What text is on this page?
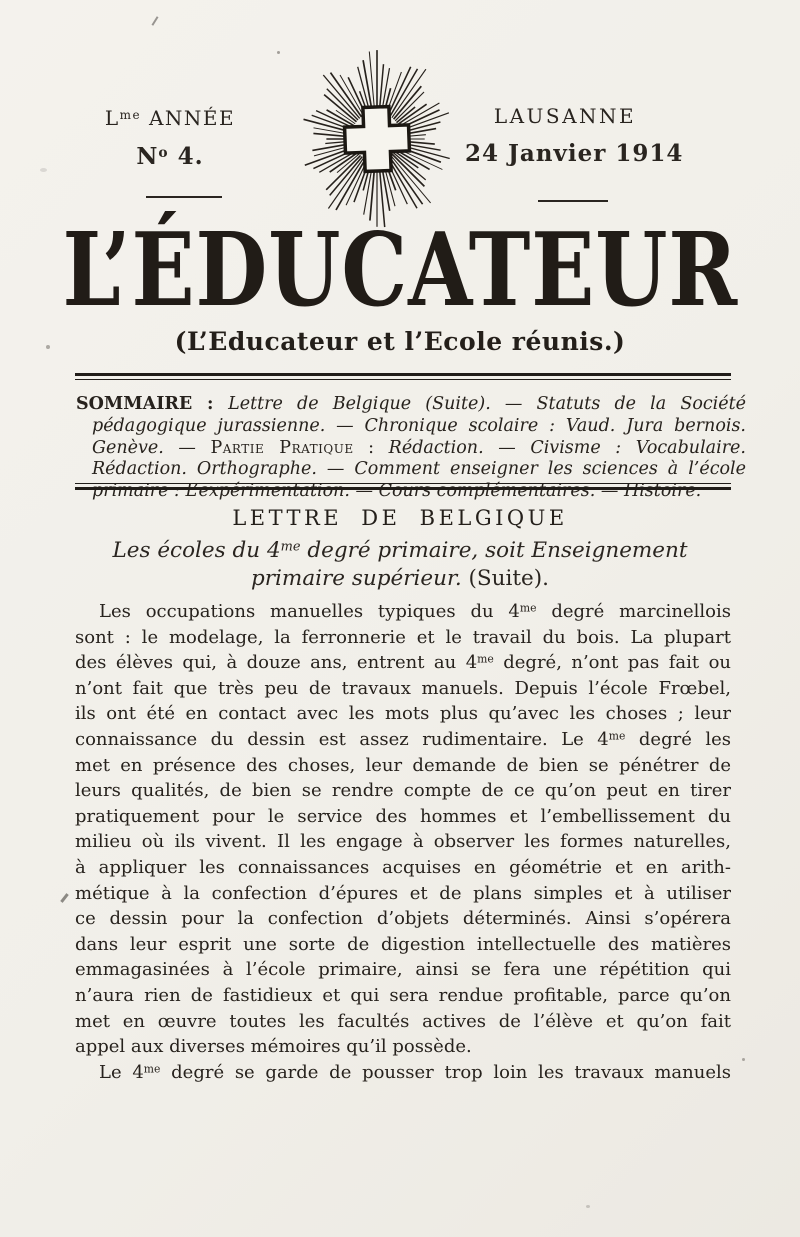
$L^{me}$ ANNÉE
$N^o$ 4.
LAUSANNE
24 Janvier 1914
L’ÉDUCATEUR
(L’Educateur et l’Ecole réunis.)
SOMMAIRE : Lettre de Belgique (Suite). — Statuts de la Société pédagogique jurassienne. — Chronique scolaire : Vaud. Jura bernois. Genève. — Partie Pratique : Rédaction. — Civisme : Vocabulaire. Rédaction. Orthographe. — Comment enseigner les sciences à l’école primaire : L’expérimentation. — Cours complémentaires. — Histoire.
LETTRE DE BELGIQUE
Les écoles du $4^{me}$ degré primaire, soit Enseignement
primaire supérieur. (Suite).
Les occupations manuelles typiques du $4^{me}$ degré marcinellois
sont : le modelage, la ferronnerie et le travail du bois. La plupart
des élèves qui, à douze ans, entrent au $4^{me}$ degré, n’ont pas fait ou
n’ont fait que très peu de travaux manuels. Depuis l’école Frœbel,
ils ont été en contact avec les mots plus qu’avec les choses ; leur
connaissance du dessin est assez rudimentaire. Le $4^{me}$ degré les
met en présence des choses, leur demande de bien se pénétrer de
leurs qualités, de bien se rendre compte de ce qu’on peut en tirer
pratiquement pour le service des hommes et l’embellissement du
milieu où ils vivent. Il les engage à observer les formes naturelles,
à appliquer les connaissances acquises en géométrie et en arith-
métique à la confection d’épures et de plans simples et à utiliser
ce dessin pour la confection d’objets déterminés. Ainsi s’opérera
dans leur esprit une sorte de digestion intellectuelle des matières
emmagasinées à l’école primaire, ainsi se fera une répétition qui
n’aura rien de fastidieux et qui sera rendue profitable, parce qu’on
met en œuvre toutes les facultés actives de l’élève et qu’on fait
appel aux diverses mémoires qu’il possède.
Le $4^{me}$ degré se garde de pousser trop loin les travaux manuels
